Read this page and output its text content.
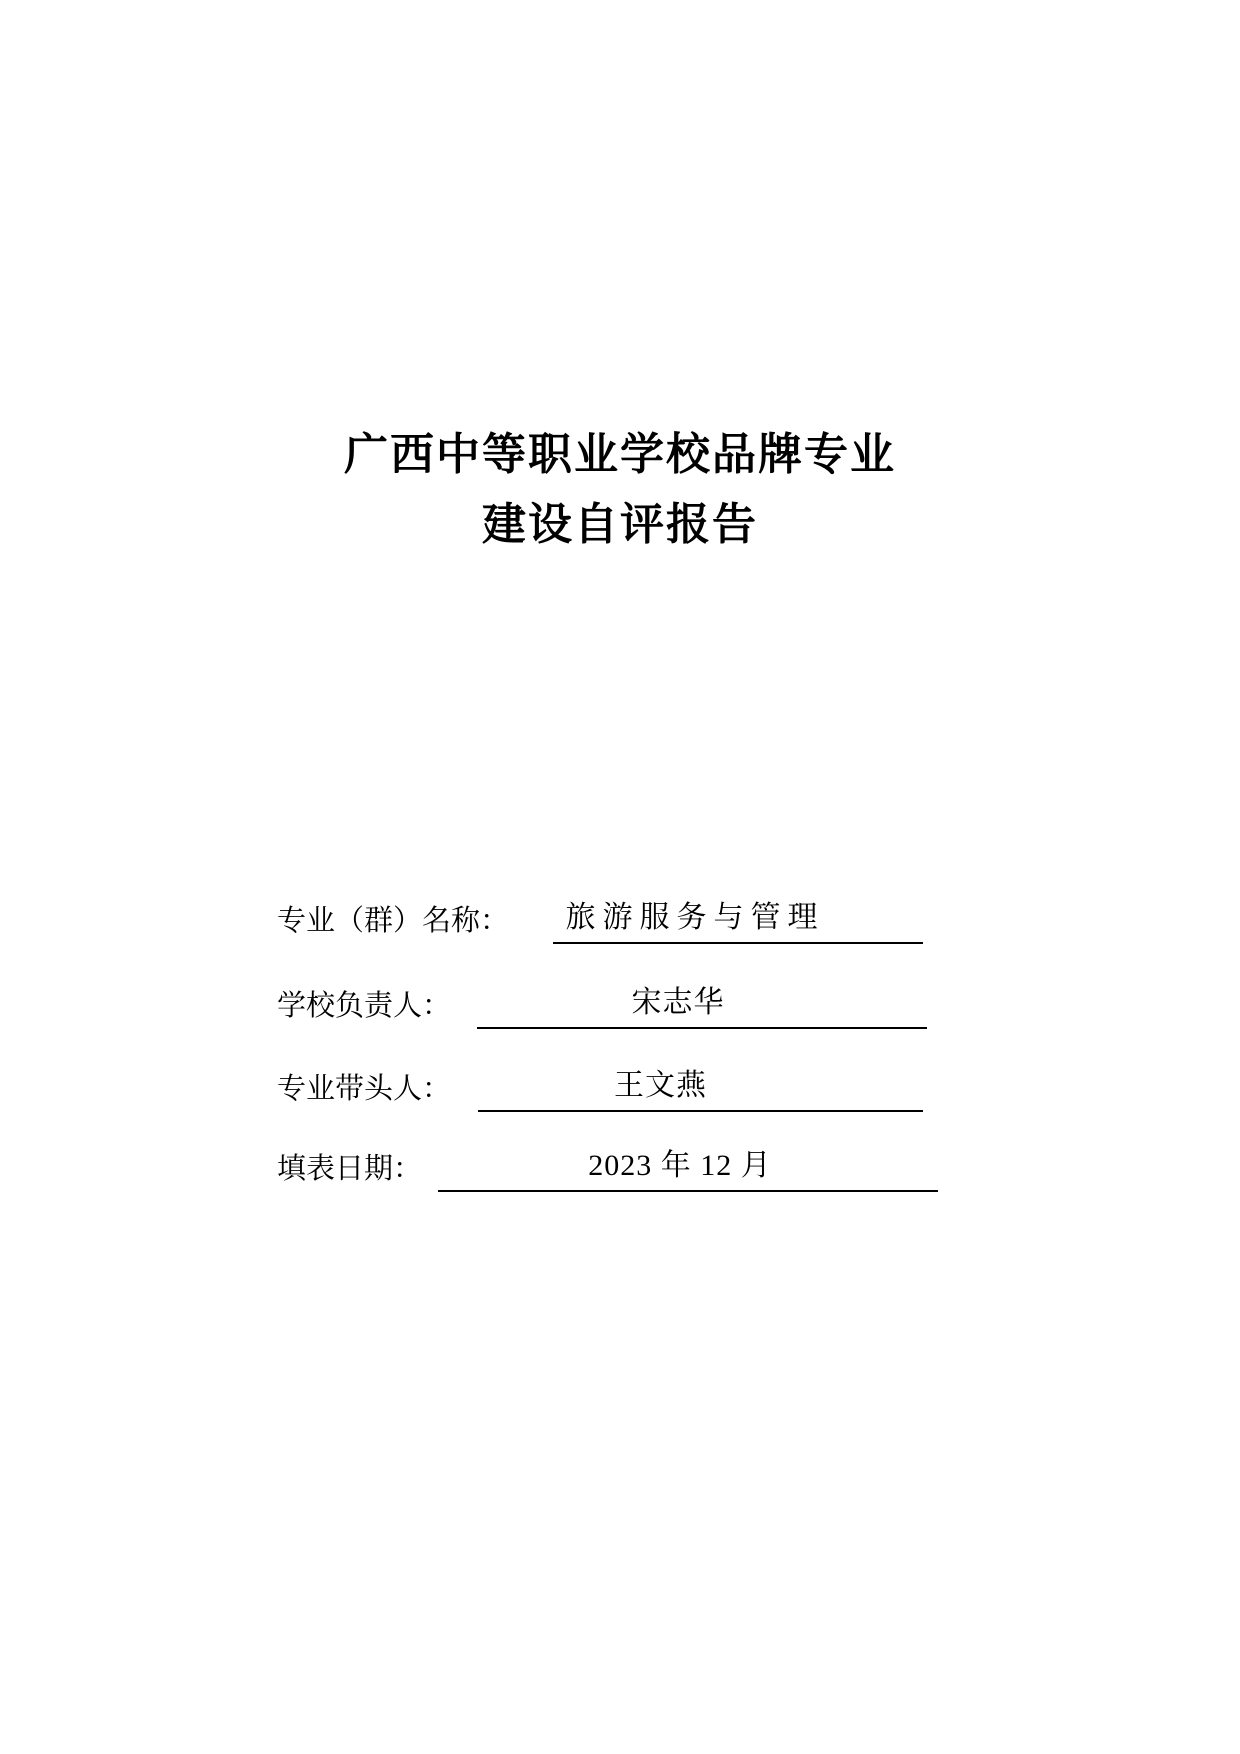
广西中等职业学校品牌专业
建设自评报告
专业（群）名称：	旅游服务与管理
学校负责人：	宋志华
专业带头人：	王文燕
填表日期：	2023 年 12 月
